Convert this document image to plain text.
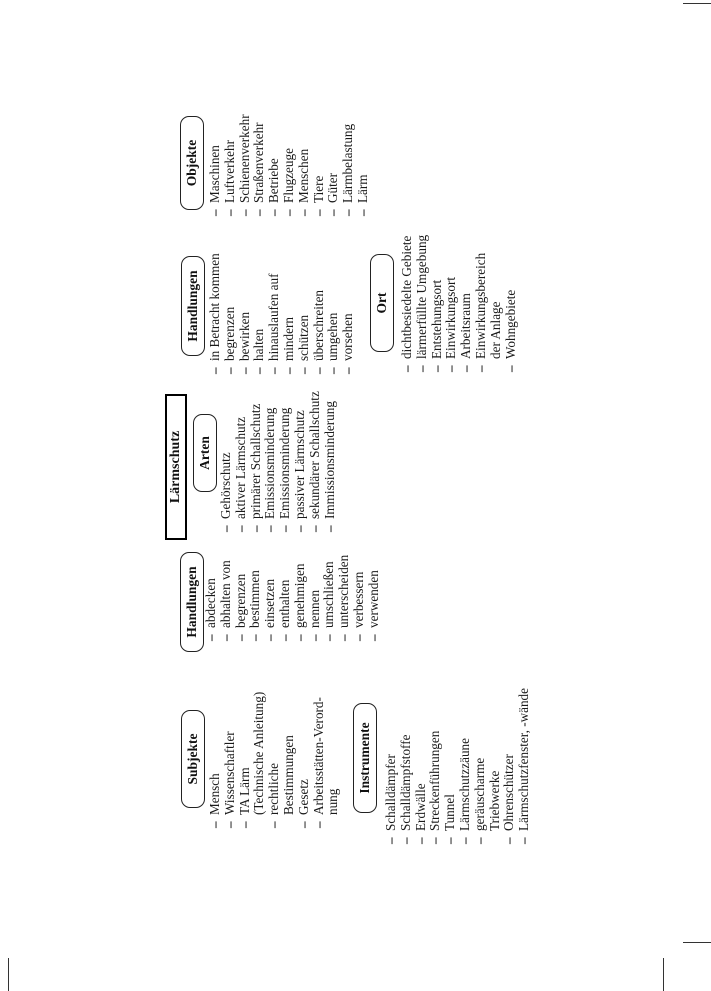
Lärmschutz
Subjekte
– Mensch – Wissenschaftler – TA Lärm (Technische Anleitung) – rechtliche Bestimmungen – Gesetz – Arbeitsstätten-Verord- nung
Instrumente – Schalldämpfer – Schalldämpfstoffe – Erdwälle – Streckenführungen – Tunnel – Lärmschutzzäune – geräuscharme Triebwerke – Ohrenschützer – Lärmschutzfenster, -wände
Handlungen – abdecken – abhalten von – begrenzen – bestimmen – einsetzen – enthalten – genehmigen – nennen – umschließen – unterscheiden – verbessern – verwenden
Arten – Gehörschutz – aktiver Lärmschutz – primärer Schallschutz – Emissionsminderung – Emissionsminderung – passiver Lärmschutz – sekundärer Schallschutz – Immissionsminderung
Handlungen – in Betracht kommen – begrenzen – bewirken – halten – hinauslaufen auf – mindern – schützen – überschreiten – umgehen – vorsehen
Ort – dichtbesiedelte Gebiete – lärmerfüllte Umgebung – Entstehungsort – Einwirkungsort – Arbeitsraum – Einwirkungsbereich der Anlage – Wohngebiete
Objekte – Maschinen – Luftverkehr – Schienenverkehr – Straßenverkehr – Betriebe – Flugzeuge – Menschen – Tiere – Güter – Lärmbelastung – Lärm
